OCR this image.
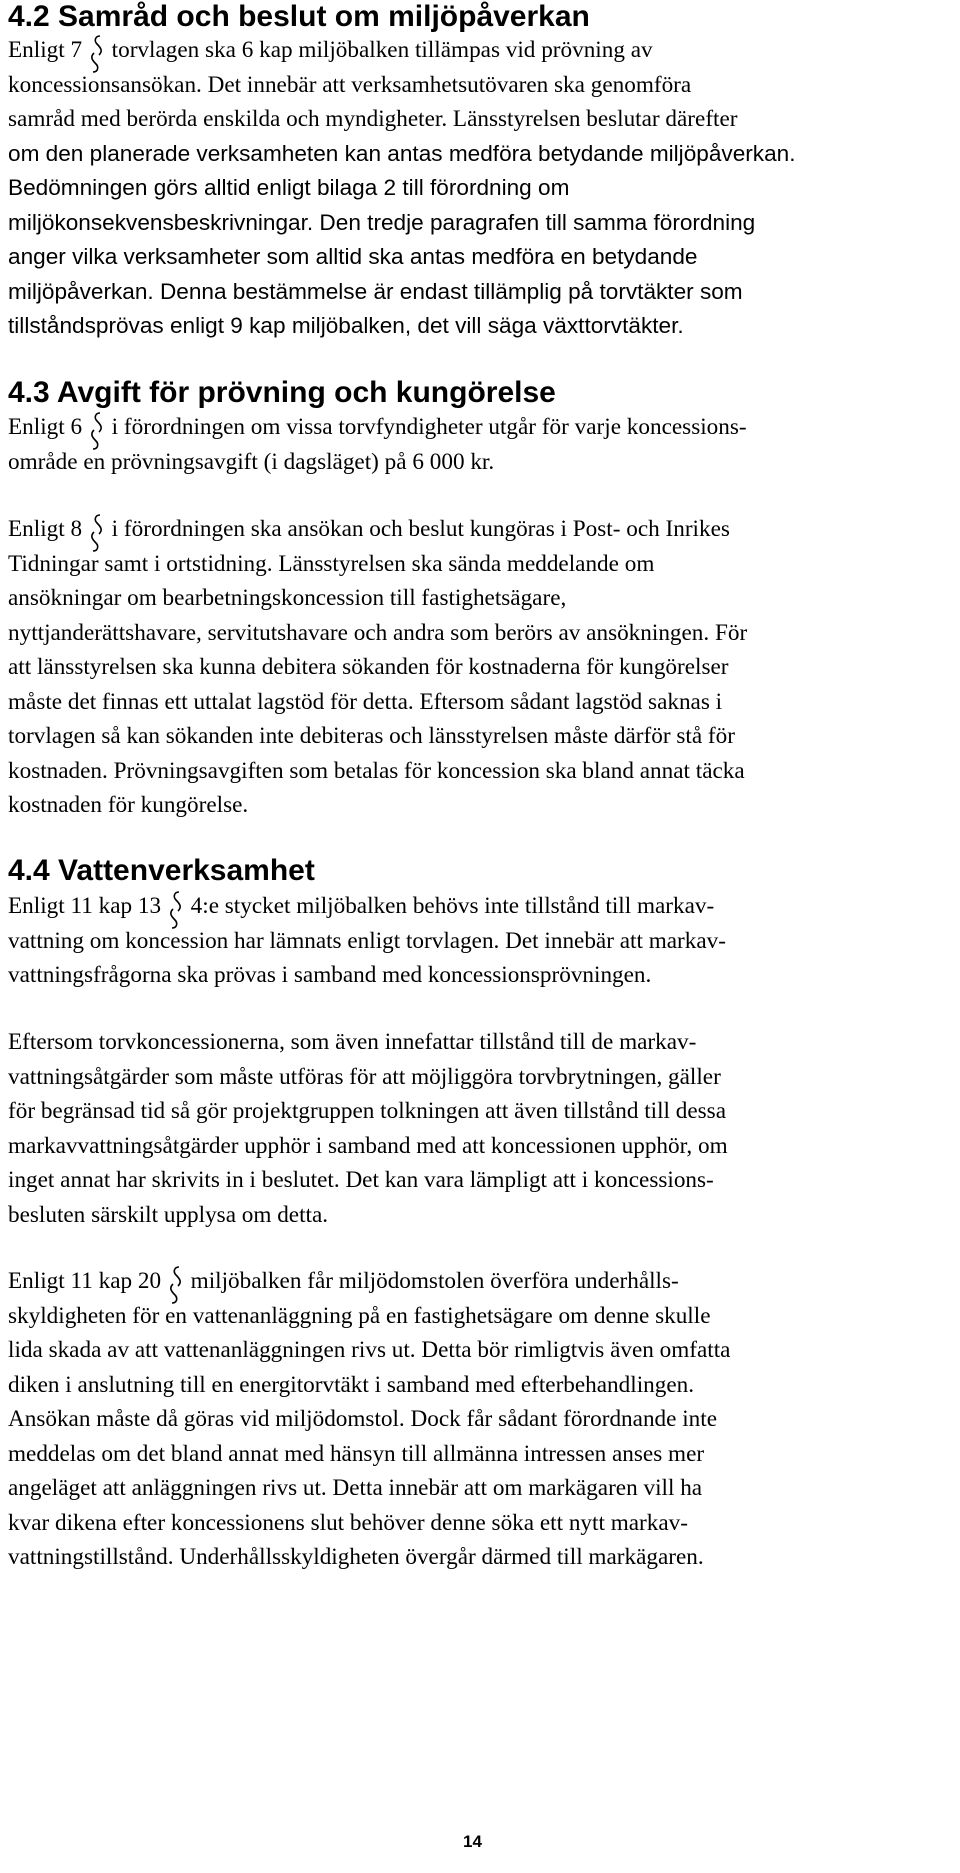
4.2 Samråd och beslut om miljöpåverkan
Enligt 7
torvlagen ska 6 kap miljöbalken tillämpas vid prövning av
koncessionsansökan. Det innebär att verksamhetsutövaren ska genomföra
samråd med berörda enskilda och myndigheter. Länsstyrelsen beslutar därefter
om den planerade verksamheten kan antas medföra betydande miljöpåverkan.
Bedömningen görs alltid enligt bilaga 2 till förordning om
miljökonsekvensbeskrivningar. Den tredje paragrafen till samma förordning
anger vilka verksamheter som alltid ska antas medföra en betydande
miljöpåverkan. Denna bestämmelse är endast tillämplig på torvtäkter som
tillståndsprövas enligt 9 kap miljöbalken, det vill säga växttorvtäkter.
4.3 Avgift för prövning och kungörelse
Enligt 6
i förordningen om vissa torvfyndigheter utgår för varje koncessions-
område en prövningsavgift (i dagsläget) på 6 000 kr.
Enligt 8
i förordningen ska ansökan och beslut kungöras i Post- och Inrikes
Tidningar samt i ortstidning. Länsstyrelsen ska sända meddelande om
ansökningar om bearbetningskoncession till fastighetsägare,
nyttjanderättshavare, servitutshavare och andra som berörs av ansökningen. För
att länsstyrelsen ska kunna debitera sökanden för kostnaderna för kungörelser
måste det finnas ett uttalat lagstöd för detta. Eftersom sådant lagstöd saknas i
torvlagen så kan sökanden inte debiteras och länsstyrelsen måste därför stå för
kostnaden. Prövningsavgiften som betalas för koncession ska bland annat täcka
kostnaden för kungörelse.
4.4 Vattenverksamhet
Enligt 11 kap 13
4:e stycket miljöbalken behövs inte tillstånd till markav-
vattning om koncession har lämnats enligt torvlagen. Det innebär att markav-
vattningsfrågorna ska prövas i samband med koncessionsprövningen.
Eftersom torvkoncessionerna, som även innefattar tillstånd till de markav-
vattningsåtgärder som måste utföras för att möjliggöra torvbrytningen, gäller
för begränsad tid så gör projektgruppen tolkningen att även tillstånd till dessa
markavvattningsåtgärder upphör i samband med att koncessionen upphör, om
inget annat har skrivits in i beslutet. Det kan vara lämpligt att i koncessions-
besluten särskilt upplysa om detta.
Enligt 11 kap 20
miljöbalken får miljödomstolen överföra underhålls-
skyldigheten för en vattenanläggning på en fastighetsägare om denne skulle
lida skada av att vattenanläggningen rivs ut. Detta bör rimligtvis även omfatta
diken i anslutning till en energitorvtäkt i samband med efterbehandlingen.
Ansökan måste då göras vid miljödomstol. Dock får sådant förordnande inte
meddelas om det bland annat med hänsyn till allmänna intressen anses mer
angeläget att anläggningen rivs ut. Detta innebär att om markägaren vill ha
kvar dikena efter koncessionens slut behöver denne söka ett nytt markav-
vattningstillstånd. Underhållsskyldigheten övergår därmed till markägaren.
14
